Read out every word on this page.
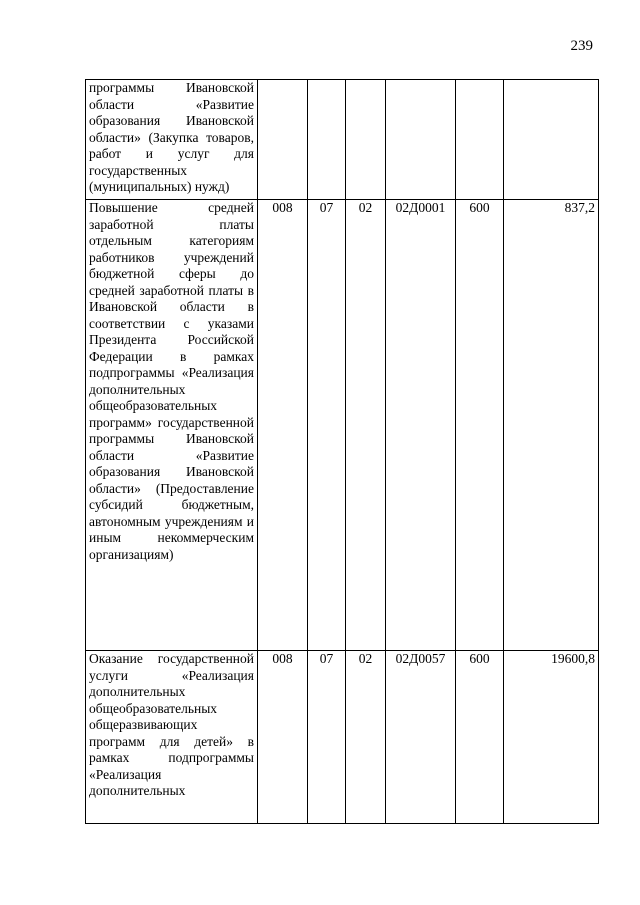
239
программы Ивановской области «Развитие образования Ивановской области» (Закупка товаров, работ и услуг для государственных (муниципальных) нужд)						
Повышение средней заработной платы отдельным категориям работников учреждений бюджетной сферы до средней заработной платы в Ивановской области в соответствии с указами Президента Российской Федерации в рамках подпрограммы «Реализация дополнительных общеобразовательных программ» государственной программы Ивановской области «Развитие образования Ивановской области» (Предоставление субсидий бюджетным, автономным учреждениям и иным некоммерческим организациям)	008	07	02	02Д0001	600	837,2
Оказание государственной услуги «Реализация дополнительных общеобразовательных общеразвивающих программ для детей» в рамках подпрограммы «Реализация дополнительных	008	07	02	02Д0057	600	19600,8
